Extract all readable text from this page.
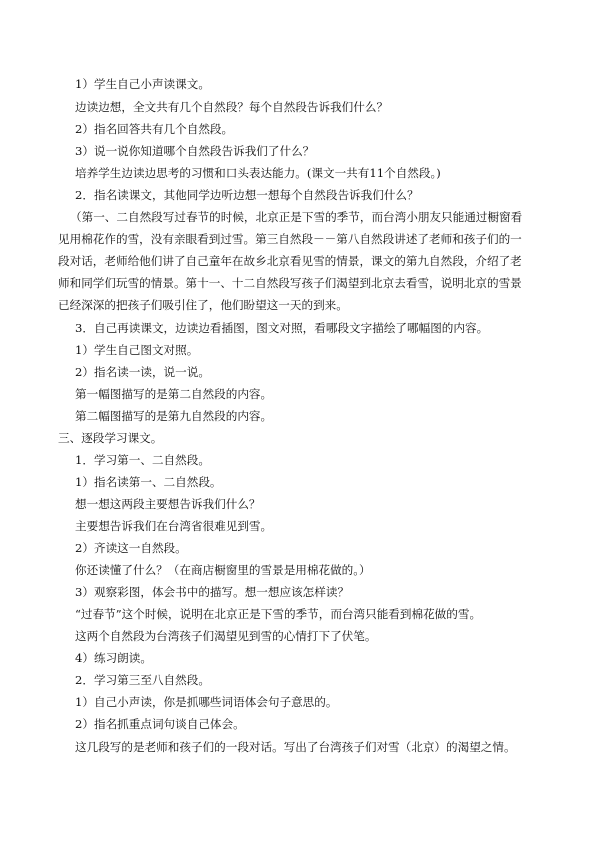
1）学生自己小声读课文。
边读边想，全文共有几个自然段？每个自然段告诉我们什么？
2）指名回答共有几个自然段。
3）说一说你知道哪个自然段告诉我们了什么？
培养学生边读边思考的习惯和口头表达能力。(课文一共有11个自然段。)
2．指名读课文，其他同学边听边想一想每个自然段告诉我们什么？
（第一、二自然段写过春节的时候，北京正是下雪的季节，而台湾小朋友只能通过橱窗看
见用棉花作的雪，没有亲眼看到过雪。第三自然段－－第八自然段讲述了老师和孩子们的一
段对话，老师给他们讲了自己童年在故乡北京看见雪的情景，课文的第九自然段，介绍了老
师和同学们玩雪的情景。第十一、十二自然段写孩子们渴望到北京去看雪，说明北京的雪景
已经深深的把孩子们吸引住了，他们盼望这一天的到来。
3．自己再读课文，边读边看插图，图文对照，看哪段文字描绘了哪幅图的内容。
1）学生自己图文对照。
2）指名读一读，说一说。
第一幅图描写的是第二自然段的内容。
第二幅图描写的是第九自然段的内容。
三、逐段学习课文。
1．学习第一、二自然段。
1）指名读第一、二自然段。
想一想这两段主要想告诉我们什么？
主要想告诉我们在台湾省很难见到雪。
2）齐读这一自然段。
你还读懂了什么？（在商店橱窗里的雪景是用棉花做的。）
3）观察彩图，体会书中的描写。想一想应该怎样读？
“过春节”这个时候，说明在北京正是下雪的季节，而台湾只能看到棉花做的雪。
这两个自然段为台湾孩子们渴望见到雪的心情打下了伏笔。
4）练习朗读。
2．学习第三至八自然段。
1）自己小声读，你是抓哪些词语体会句子意思的。
2）指名抓重点词句谈自己体会。
这几段写的是老师和孩子们的一段对话。写出了台湾孩子们对雪（北京）的渴望之情。
